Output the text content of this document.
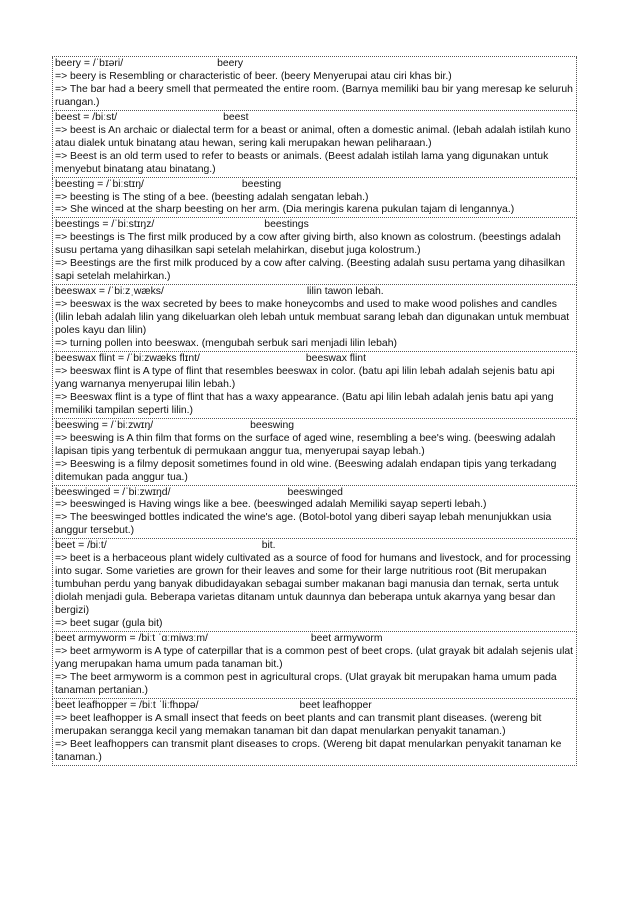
beery = /ˈbɪəri/	beery
=> beery is Resembling or characteristic of beer. (beery Menyerupai atau ciri khas bir.)
=> The bar had a beery smell that permeated the entire room. (Barnya memiliki bau bir yang meresap ke seluruh ruangan.)
beest = /biːst/	beest
=> beest is An archaic or dialectal term for a beast or animal, often a domestic animal. (lebah adalah istilah kuno atau dialek untuk binatang atau hewan, sering kali merupakan hewan peliharaan.)
=> Beest is an old term used to refer to beasts or animals. (Beest adalah istilah lama yang digunakan untuk menyebut binatang atau binatang.)
beesting = /ˈbiːstɪŋ/	beesting
=> beesting is The sting of a bee. (beesting adalah sengatan lebah.)
=> She winced at the sharp beesting on her arm. (Dia meringis karena pukulan tajam di lengannya.)
beestings = /ˈbiːstɪŋz/	beestings
=> beestings is The first milk produced by a cow after giving birth, also known as colostrum. (beestings adalah susu pertama yang dihasilkan sapi setelah melahirkan, disebut juga kolostrum.)
=> Beestings are the first milk produced by a cow after calving. (Beesting adalah susu pertama yang dihasilkan sapi setelah melahirkan.)
beeswax = /ˈbiːzˌwæks/	lilin tawon lebah.
=> beeswax is the wax secreted by bees to make honeycombs and used to make wood polishes and candles (lilin lebah adalah lilin yang dikeluarkan oleh lebah untuk membuat sarang lebah dan digunakan untuk membuat poles kayu dan lilin)
=> turning pollen into beeswax. (mengubah serbuk sari menjadi lilin lebah)
beeswax flint = /ˈbiːzwæks flɪnt/	beeswax flint
=> beeswax flint is A type of flint that resembles beeswax in color. (batu api lilin lebah adalah sejenis batu api yang warnanya menyerupai lilin lebah.)
=> Beeswax flint is a type of flint that has a waxy appearance. (Batu api lilin lebah adalah jenis batu api yang memiliki tampilan seperti lilin.)
beeswing = /ˈbiːzwɪŋ/	beeswing
=> beeswing is A thin film that forms on the surface of aged wine, resembling a bee's wing. (beeswing adalah lapisan tipis yang terbentuk di permukaan anggur tua, menyerupai sayap lebah.)
=> Beeswing is a filmy deposit sometimes found in old wine. (Beeswing adalah endapan tipis yang terkadang ditemukan pada anggur tua.)
beeswinged = /ˈbiːzwɪŋd/	beeswinged
=> beeswinged is Having wings like a bee. (beeswinged adalah Memiliki sayap seperti lebah.)
=> The beeswinged bottles indicated the wine's age. (Botol-botol yang diberi sayap lebah menunjukkan usia anggur tersebut.)
beet = /biːt/	bit.
=> beet is a herbaceous plant widely cultivated as a source of food for humans and livestock, and for processing into sugar. Some varieties are grown for their leaves and some for their large nutritious root (Bit merupakan tumbuhan perdu yang banyak dibudidayakan sebagai sumber makanan bagi manusia dan ternak, serta untuk diolah menjadi gula. Beberapa varietas ditanam untuk daunnya dan beberapa untuk akarnya yang besar dan bergizi)
=> beet sugar (gula bit)
beet armyworm = /biːt ˈɑːmiwɜːm/	beet armyworm
=> beet armyworm is A type of caterpillar that is a common pest of beet crops. (ulat grayak bit adalah sejenis ulat yang merupakan hama umum pada tanaman bit.)
=> The beet armyworm is a common pest in agricultural crops. (Ulat grayak bit merupakan hama umum pada tanaman pertanian.)
beet leafhopper = /biːt ˈliːfhɒpə/	beet leafhopper
=> beet leafhopper is A small insect that feeds on beet plants and can transmit plant diseases. (wereng bit merupakan serangga kecil yang memakan tanaman bit dan dapat menularkan penyakit tanaman.)
=> Beet leafhoppers can transmit plant diseases to crops. (Wereng bit dapat menularkan penyakit tanaman ke tanaman.)
